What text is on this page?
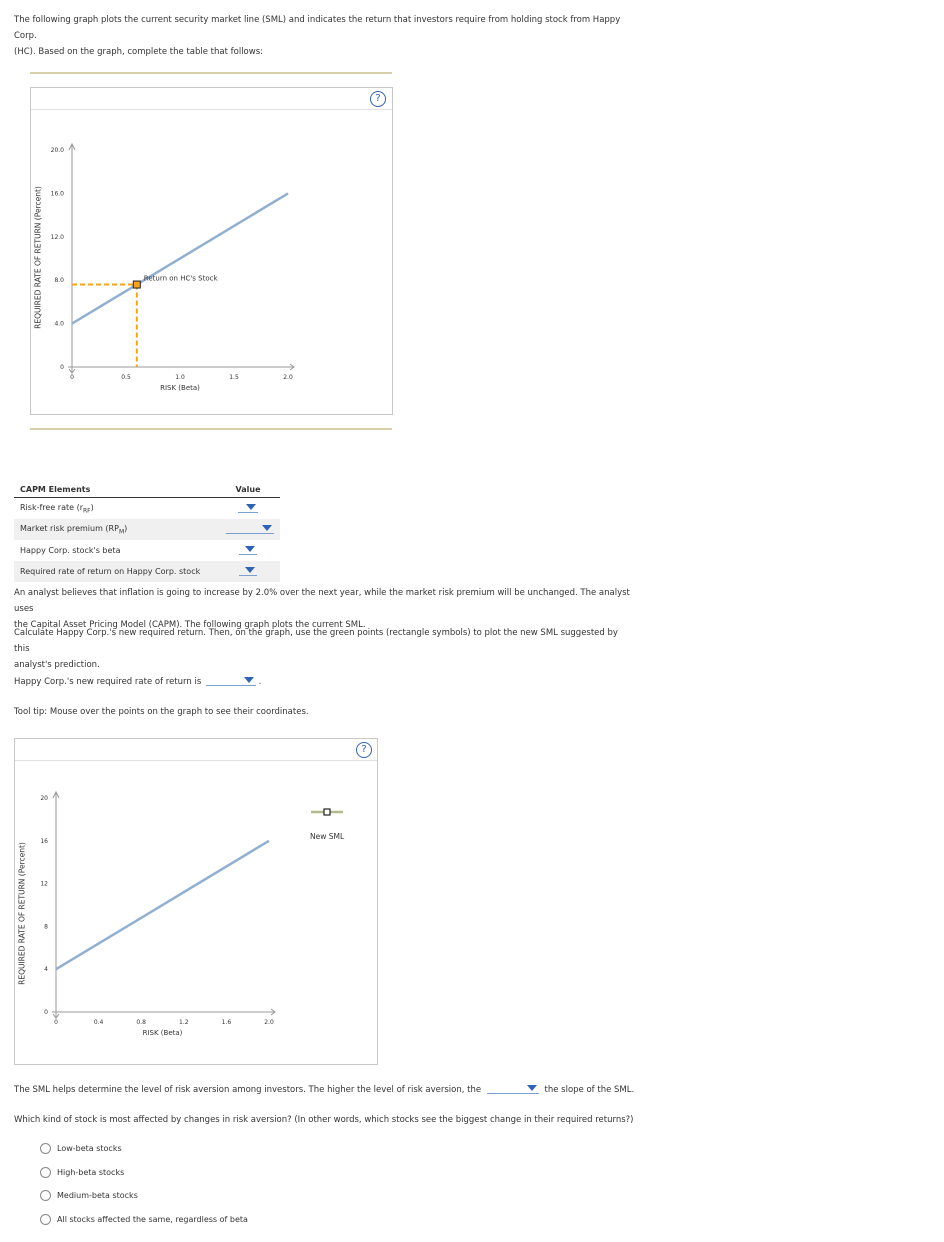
The following graph plots the current security market line (SML) and indicates the return that investors require from holding stock from Happy Corp.
(HC). Based on the graph, complete the table that follows:
?
REQUIRED RATE OF RETURN (Percent)
0	0.5	1.0	1.5	2.0
0
4.0
8.0
12.0
16.0
20.0
RISK (Beta)
Return on HC's Stock
CAPM Elements	Value
Risk-free rate $(r_{RF})$	

Market risk premium $(RP_M)$	

Happy Corp. stock's beta	

Required rate of return on Happy Corp. stock	
An analyst believes that inflation is going to increase by 2.0% over the next year, while the market risk premium will be unchanged. The analyst uses
the Capital Asset Pricing Model (CAPM). The following graph plots the current SML.
Calculate Happy Corp.'s new required return. Then, on the graph, use the green points (rectangle symbols) to plot the new SML suggested by this
analyst's prediction.
Happy Corp.'s new required rate of return is	.
Tool tip: Mouse over the points on the graph to see their coordinates.
?
REQUIRED RATE OF RETURN (Percent)
0	0.4	0.8	1.2	1.6	2.0
0
4
8
12
16
20
RISK (Beta)
New SML
The SML helps determine the level of risk aversion among investors. The higher the level of risk aversion, the	the slope of the SML.
Which kind of stock is most affected by changes in risk aversion? (In other words, which stocks see the biggest change in their required returns?)
Low-beta stocks
High-beta stocks
Medium-beta stocks
All stocks affected the same, regardless of beta
